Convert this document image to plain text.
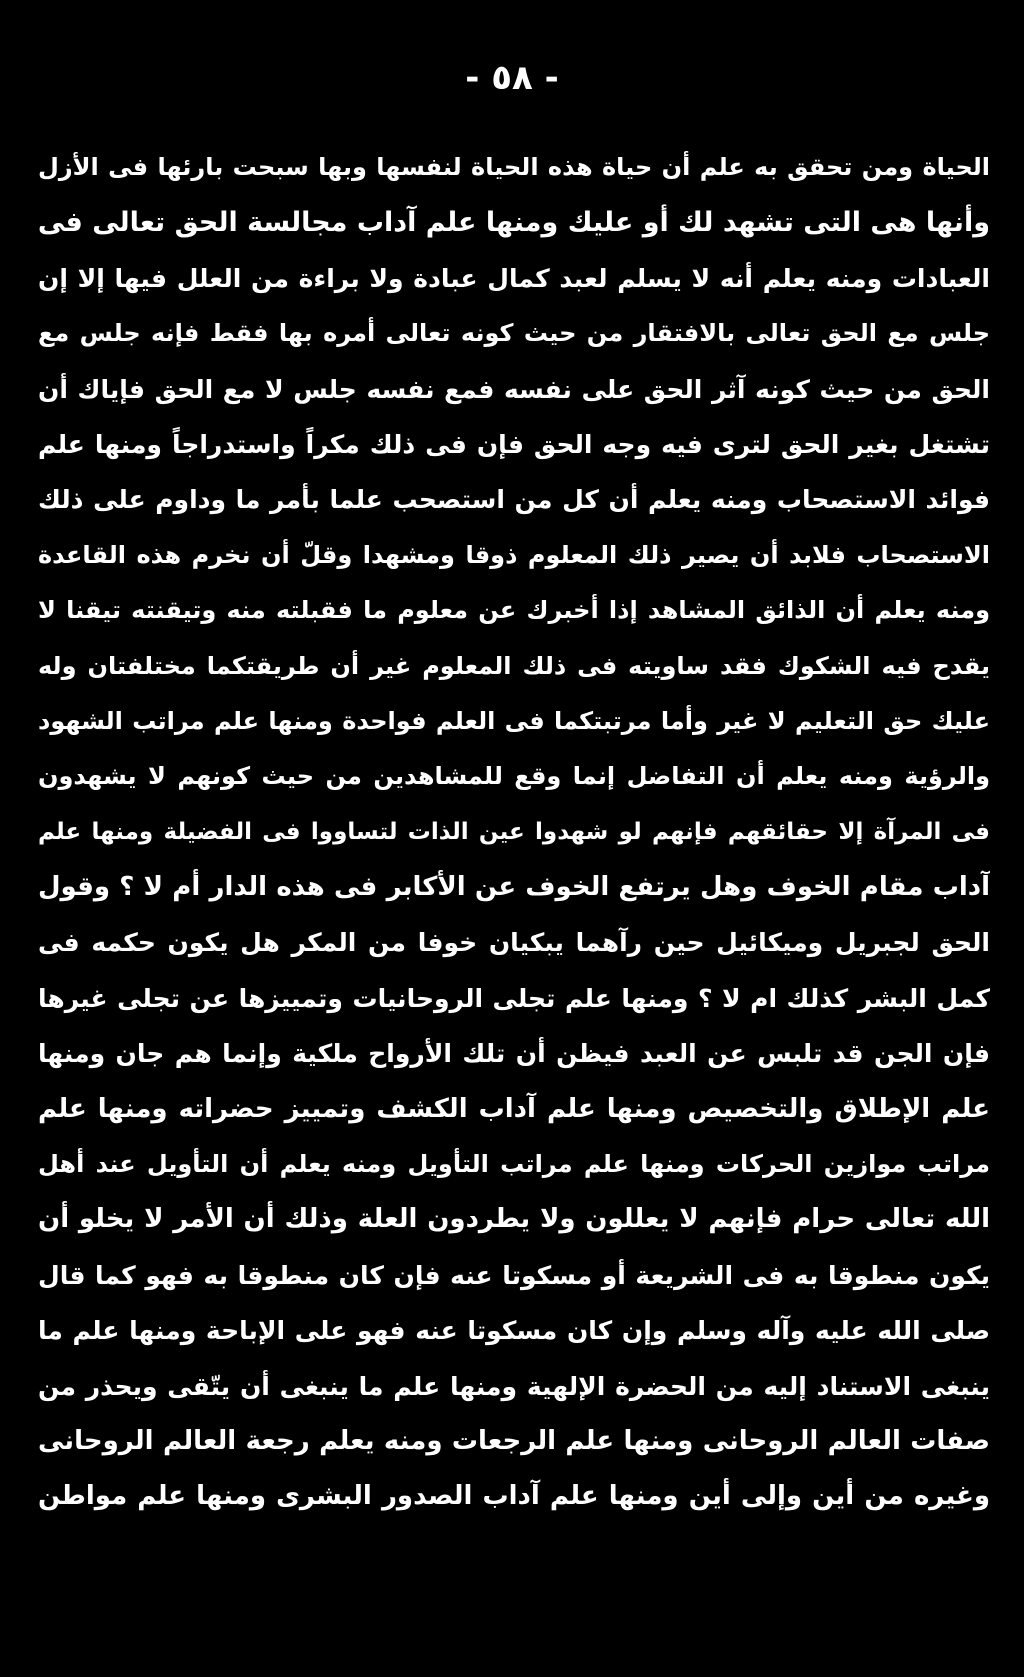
- ٥٨ -
الحياة ومن تحقق به علم أن حياة هذه الحياة لنفسها وبها سبحت بارئها فى الأزل
وأنها هى التى تشهد لك أو عليك ومنها علم آداب مجالسة الحق تعالى فى
العبادات ومنه يعلم أنه لا يسلم لعبد كمال عبادة ولا براءة من العلل فيها إلا إن
جلس مع الحق تعالى بالافتقار من حيث كونه تعالى أمره بها فقط فإنه جلس مع
الحق من حيث كونه آثر الحق على نفسه فمع نفسه جلس لا مع الحق فإياك أن
تشتغل بغير الحق لترى فيه وجه الحق فإن فى ذلك مكراً واستدراجاً ومنها علم
فوائد الاستصحاب ومنه يعلم أن كل من استصحب علما بأمر ما وداوم على ذلك
الاستصحاب فلابد أن يصير ذلك المعلوم ذوقا ومشهدا وقلّ أن نخرم هذه القاعدة
ومنه يعلم أن الذائق المشاهد إذا أخبرك عن معلوم ما فقبلته منه وتيقنته تيقنا لا
يقدح فيه الشكوك فقد ساويته فى ذلك المعلوم غير أن طريقتكما مختلفتان وله
عليك حق التعليم لا غير وأما مرتبتكما فى العلم فواحدة ومنها علم مراتب الشهود
والرؤية ومنه يعلم أن التفاضل إنما وقع للمشاهدين من حيث كونهم لا يشهدون
فى المرآة إلا حقائقهم فإنهم لو شهدوا عين الذات لتساووا فى الفضيلة ومنها علم
آداب مقام الخوف وهل يرتفع الخوف عن الأكابر فى هذه الدار أم لا ؟ وقول
الحق لجبريل وميكائيل حين رآهما يبكيان خوفا من المكر هل يكون حكمه فى
كمل البشر كذلك ام لا ؟ ومنها علم تجلى الروحانيات وتمييزها عن تجلى غيرها
فإن الجن قد تلبس عن العبد فيظن أن تلك الأرواح ملكية وإنما هم جان ومنها
علم الإطلاق والتخصيص ومنها علم آداب الكشف وتمييز حضراته ومنها علم
مراتب موازين الحركات ومنها علم مراتب التأويل ومنه يعلم أن التأويل عند أهل
الله تعالى حرام فإنهم لا يعللون ولا يطردون العلة وذلك أن الأمر لا يخلو أن
يكون منطوقا به فى الشريعة أو مسكوتا عنه فإن كان منطوقا به فهو كما قال
صلى الله عليه وآله وسلم وإن كان مسكوتا عنه فهو على الإباحة ومنها علم ما
ينبغى الاستناد إليه من الحضرة الإلهية ومنها علم ما ينبغى أن يتّقى ويحذر من
صفات العالم الروحانى ومنها علم الرجعات ومنه يعلم رجعة العالم الروحانى
وغيره من أين وإلى أين ومنها علم آداب الصدور البشرى ومنها علم مواطن
